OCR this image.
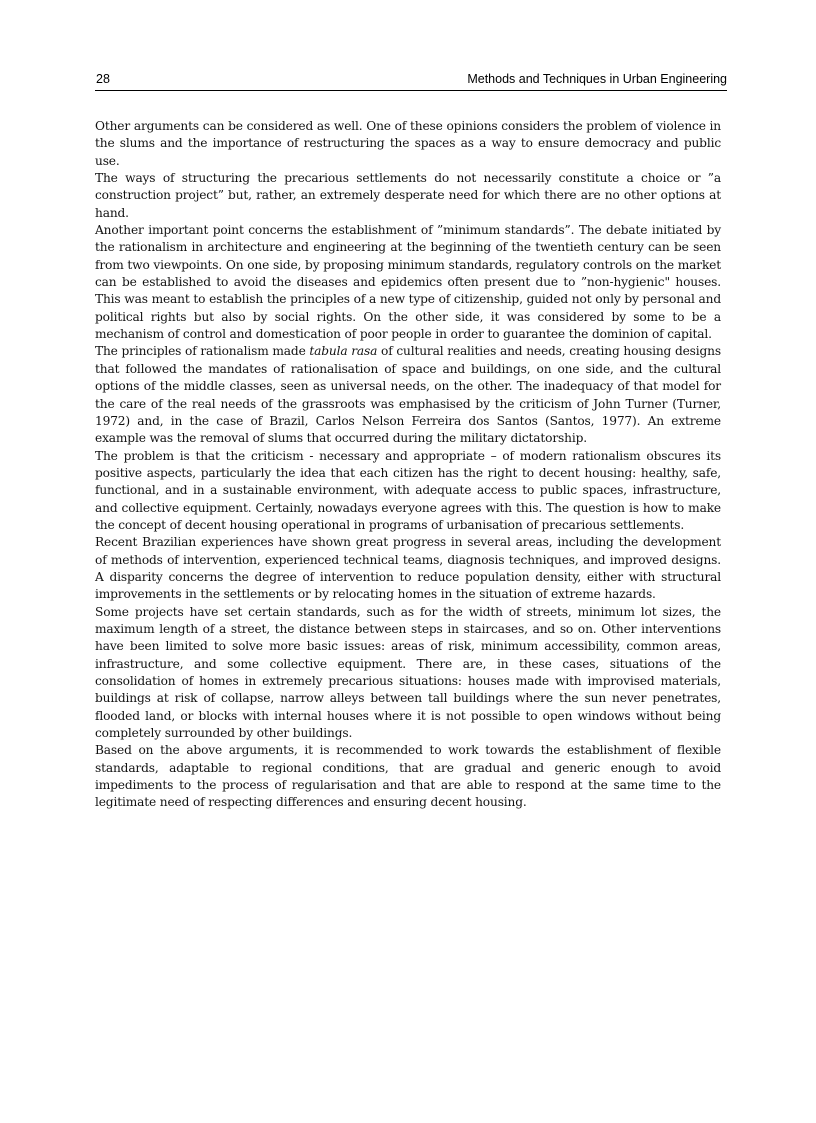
28	Methods and Techniques in Urban Engineering

Other arguments can be considered as well. One of these opinions considers the problem of violence in the slums and the importance of restructuring the spaces as a way to ensure democracy and public use.

The ways of structuring the precarious settlements do not necessarily constitute a choice or ”a construction project” but, rather, an extremely desperate need for which there are no other options at hand.

Another important point concerns the establishment of ”minimum standards”. The debate initiated by the rationalism in architecture and engineering at the beginning of the twentieth century can be seen from two viewpoints. On one side, by proposing minimum standards, regulatory controls on the market can be established to avoid the diseases and epidemics often present due to ”non-hygienic" houses. This was meant to establish the principles of a new type of citizenship, guided not only by personal and political rights but also by social rights. On the other side, it was considered by some to be a mechanism of control and domestication of poor people in order to guarantee the dominion of capital.

The principles of rationalism made tabula rasa of cultural realities and needs, creating housing designs that followed the mandates of rationalisation of space and buildings, on one side, and the cultural options of the middle classes, seen as universal needs, on the other. The inadequacy of that model for the care of the real needs of the grassroots was emphasised by the criticism of John Turner (Turner, 1972) and, in the case of Brazil, Carlos Nelson Ferreira dos Santos (Santos, 1977). An extreme example was the removal of slums that occurred during the military dictatorship.

The problem is that the criticism - necessary and appropriate – of modern rationalism obscures its positive aspects, particularly the idea that each citizen has the right to decent housing: healthy, safe, functional, and in a sustainable environment, with adequate access to public spaces, infrastructure, and collective equipment. Certainly, nowadays everyone agrees with this. The question is how to make the concept of decent housing operational in programs of urbanisation of precarious settlements.

Recent Brazilian experiences have shown great progress in several areas, including the development of methods of intervention, experienced technical teams, diagnosis techniques, and improved designs. A disparity concerns the degree of intervention to reduce population density, either with structural improvements in the settlements or by relocating homes in the situation of extreme hazards.

Some projects have set certain standards, such as for the width of streets, minimum lot sizes, the maximum length of a street, the distance between steps in staircases, and so on. Other interventions have been limited to solve more basic issues: areas of risk, minimum accessibility, common areas, infrastructure, and some collective equipment. There are, in these cases, situations of the consolidation of homes in extremely precarious situations: houses made with improvised materials, buildings at risk of collapse, narrow alleys between tall buildings where the sun never penetrates, flooded land, or blocks with internal houses where it is not possible to open windows without being completely surrounded by other buildings.

Based on the above arguments, it is recommended to work towards the establishment of flexible standards, adaptable to regional conditions, that are gradual and generic enough to avoid impediments to the process of regularisation and that are able to respond at the same time to the legitimate need of respecting differences and ensuring decent housing.
